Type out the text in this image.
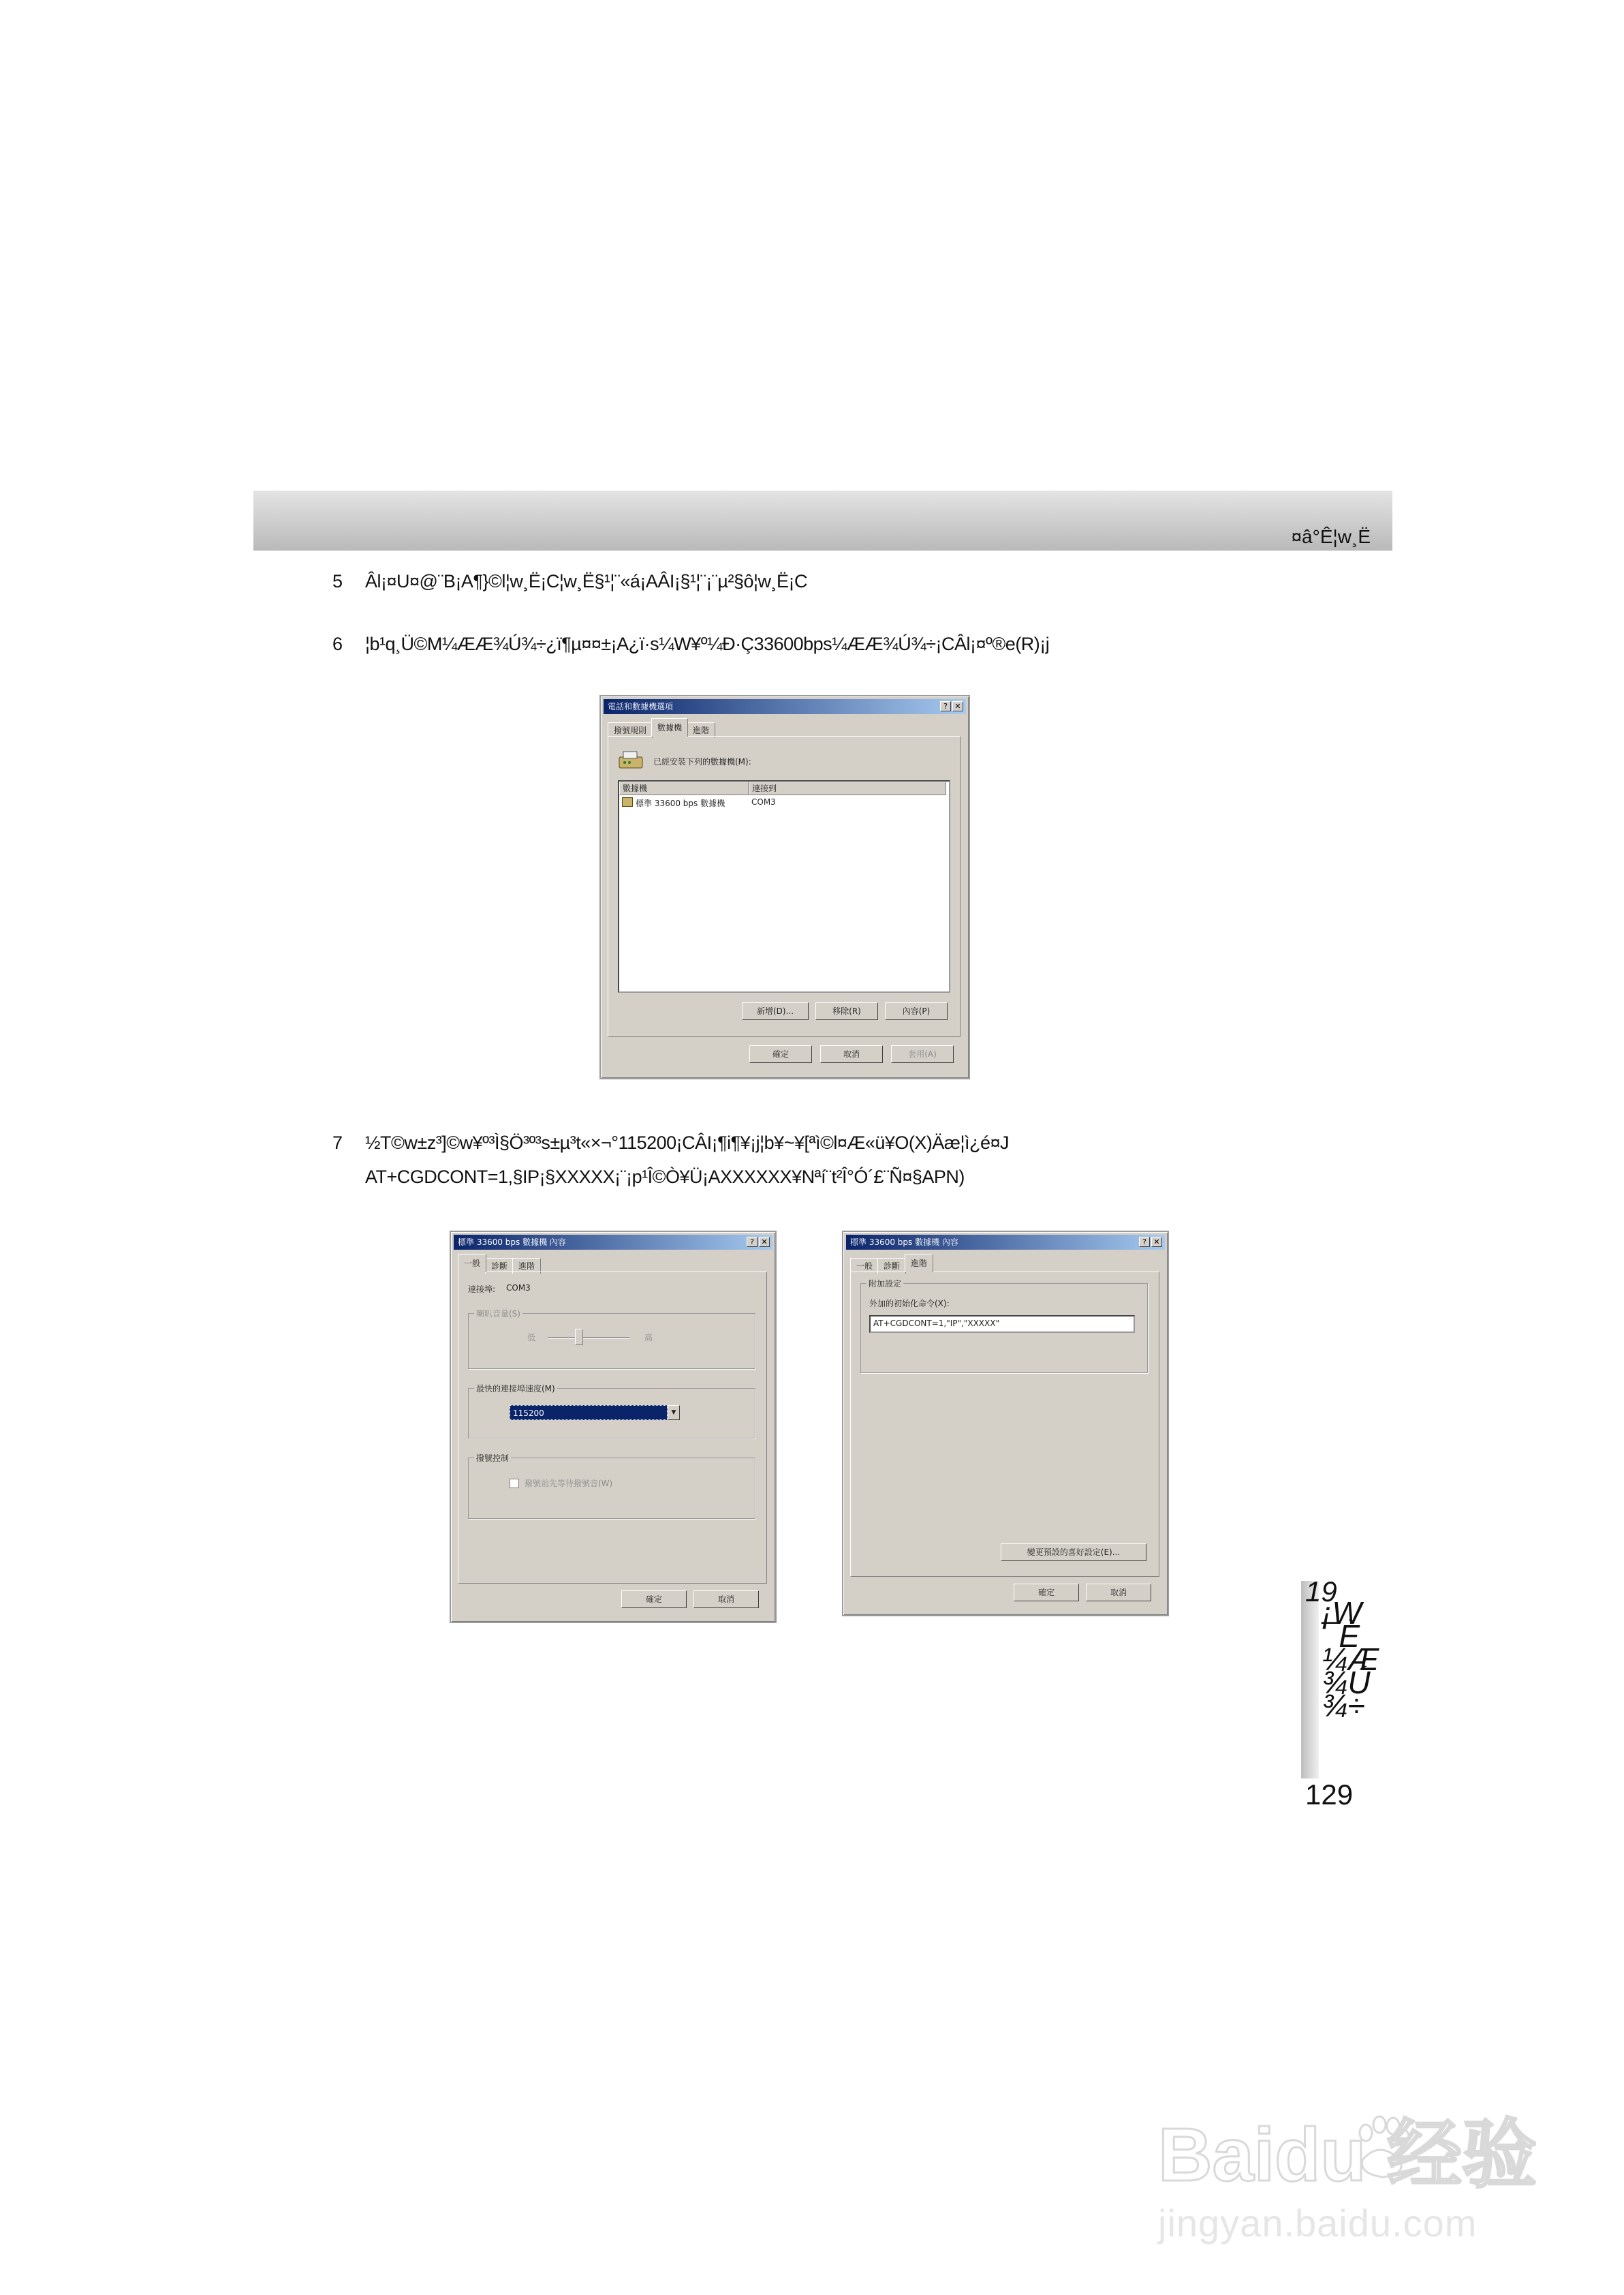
¤â°Ê¦w¸Ë
5 Âl¡¤U¤@¨B¡A¶}©l¦w¸Ë¡C¦w¸Ë§¹¦¨«á¡AÂI¡§¹¦¨¡¨µ²§ô¦w¸Ë¡C
6 ¦b¹q¸Ü©M¼ÆÆ¾Ú¾÷¿ï¶µ¤¤±¡A¿ï·s¼W¥º¼Ð·Ç33600bps¼ÆÆ¾Ú¾÷¡CÂl¡¤º®e(R)¡j
電話和數據機選項	? ✕
撥號規則 數據機 進階
已經安裝下列的數據機(M):
數據機	連接到
標準 33600 bps 數據機	COM3
新增(D)...	移除(R)	內容(P)
確定	取消	套用(A)
7 ½T©w±z³]©w¥º³Ì§Ö³º³s±µ³t«×¬°115200¡CÂI¡¶i¶¥¡j¦b¥~¥[ªì©l¤Æ«ü¥O(X)Äæ¦ì¿é¤J
AT+CGDCONT=1,§IP¡§XXXXX¡¨¡p¹Î©Ò¥Ü¡AXXXXXX¥Nªí¨t²Î°Ó´£¨Ñ¤§APN)
標準 33600 bps 數據機 內容	? ✕
一般 診斷 進階
連接埠: COM3
喇叭音量(S)
低	高
最快的連接埠速度(M)
115200	▼
撥號控制
撥號前先等待撥號音(W)
確定	取消
標準 33600 bps 數據機 內容	? ✕
一般 診斷 進階
附加設定
外加的初始化命令(X):
AT+CGDCONT=1,"IP","XXXXX"
變更預設的喜好設定(E)...
確定	取消	19
¡W
¯È
¼Æ
¾Ú
¾÷
129
Baidu 经验
jingyan.baidu.com
